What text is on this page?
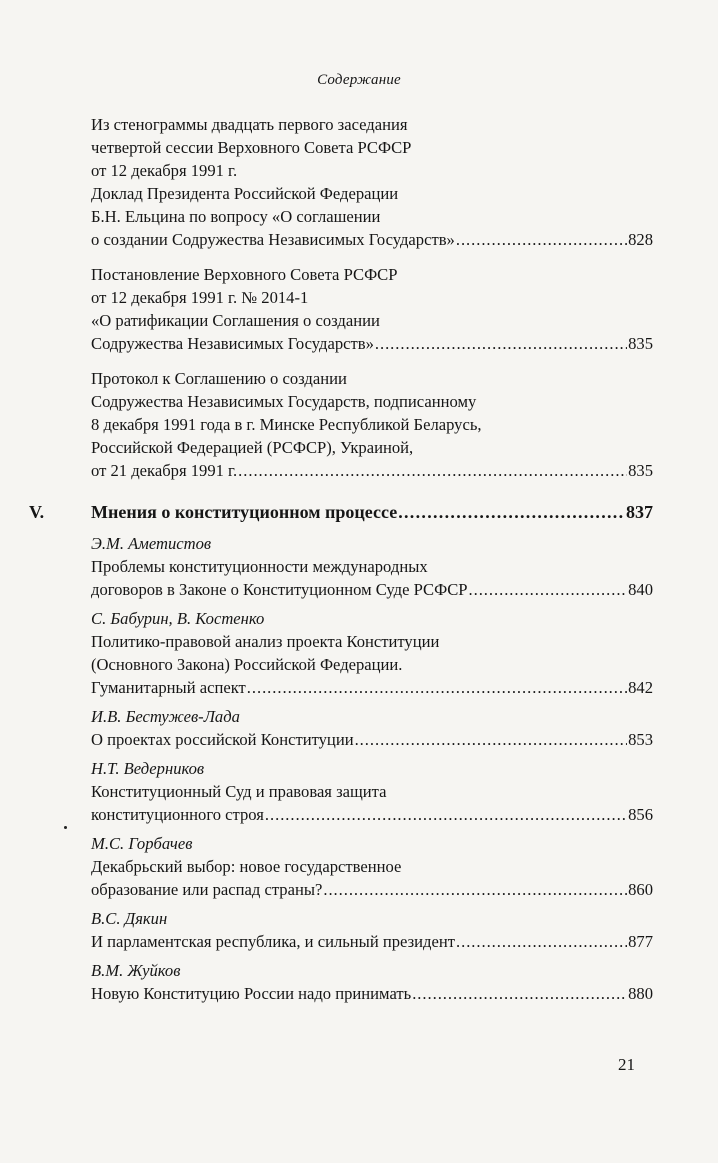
Содержание
Из стенограммы двадцать первого заседания
четвертой сессии Верховного Совета РСФСР
от 12 декабря 1991 г.
Доклад Президента Российской Федерации
Б.Н. Ельцина по вопросу «О соглашении
о создании Содружества Независимых Государств» . . .	828
Постановление Верховного Совета РСФСР
от 12 декабря 1991 г. № 2014-1
«О ратификации Соглашения о создании
Содружества Независимых Государств» . . .	835
Протокол к Соглашению о создании
Содружества Независимых Государств, подписанному
8 декабря 1991 года в г. Минске Республикой Беларусь,
Российской Федерацией (РСФСР), Украиной,
от 21 декабря 1991 г. . . .	835
V.	Мнения о конституционном процессе . . .	837
Э.М. Аметистов
Проблемы конституционности международных
договоров в Законе о Конституционном Суде РСФСР . . .	840
С. Бабурин, В. Костенко
Политико-правовой анализ проекта Конституции
(Основного Закона) Российской Федерации.
Гуманитарный аспект . . .	842
И.В. Бестужев-Лада
О проектах российской Конституции . . .	853
Н.Т. Ведерников
Конституционный Суд и правовая защита
конституционного строя . . .	856
М.С. Горбачев
Декабрьский выбор: новое государственное
образование или распад страны? . . .	860
В.С. Дякин
И парламентская республика, и сильный президент . . .	877
В.М. Жуйков
Новую Конституцию России надо принимать . . .	880
21
